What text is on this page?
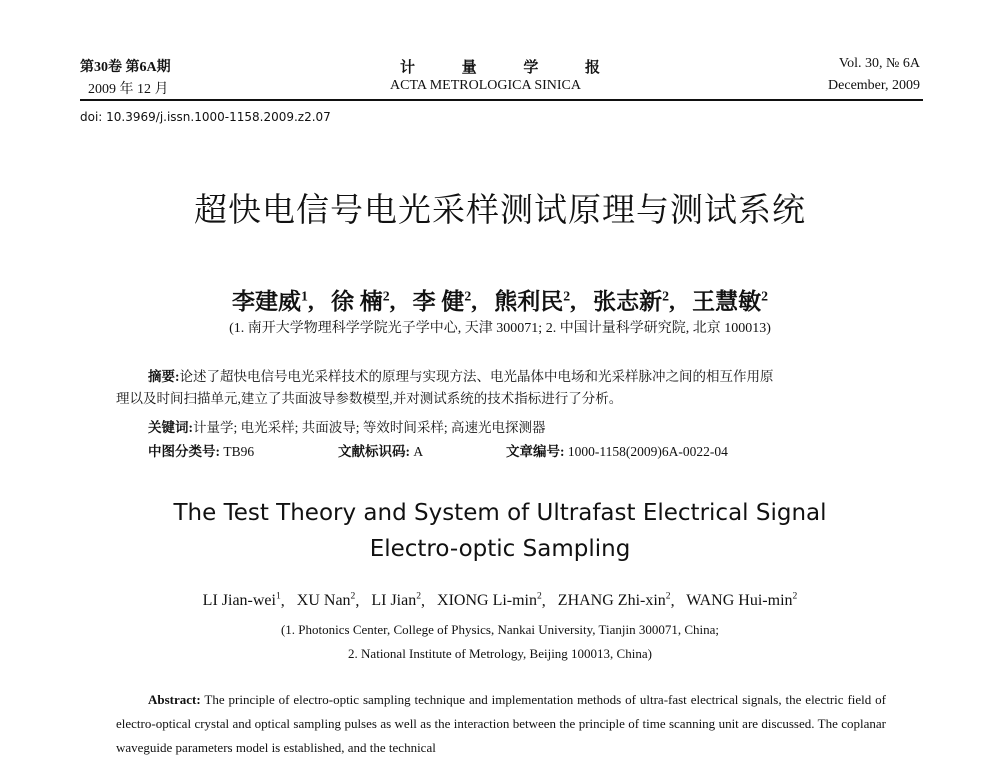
第30卷 第6A期
2009 年 12 月
计	量	学	报
ACTA METROLOGICA SINICA
Vol. 30, № 6A
December, 2009
doi: 10.3969/j.issn.1000-1158.2009.z2.07
超快电信号电光采样测试原理与测试系统
李建威$^1$,   徐 楠$^2$,   李 健$^2$,   熊利民$^2$,   张志新$^2$,   王慧敏$^2$
(1. 南开大学物理科学学院光子学中心, 天津 300071; 2. 中国计量科学研究院, 北京 100013)
摘要:论述了超快电信号电光采样技术的原理与实现方法、电光晶体中电场和光采样脉冲之间的相互作用原
理以及时间扫描单元,建立了共面波导参数模型,并对测试系统的技术指标进行了分析。
关键词:计量学; 电光采样; 共面波导; 等效时间采样; 高速光电探测器
中图分类号: TB96	文献标识码: A	文章编号: 1000-1158(2009)6A-0022-04
The Test Theory and System of Ultrafast Electrical Signal
Electro-optic Sampling
LI Jian-wei$^1$,   XU Nan$^2$,   LI Jian$^2$,   XIONG $Li-\min^2$,   ZHANG Zhi-xin$^2$,   WANG Hui-$\min^2$
(1. Photonics Center, College of Physics, Nankai University, Tianjin 300071, China;
2. National Institute of Metrology, Beijing 100013, China)
Abstract: The principle of electro-optic sampling technique and implementation methods of ultra-fast electrical signals, the electric field of electro-optical crystal and optical sampling pulses as well as the interaction between the principle of time scanning unit are discussed. The coplanar waveguide parameters model is established, and the technical
